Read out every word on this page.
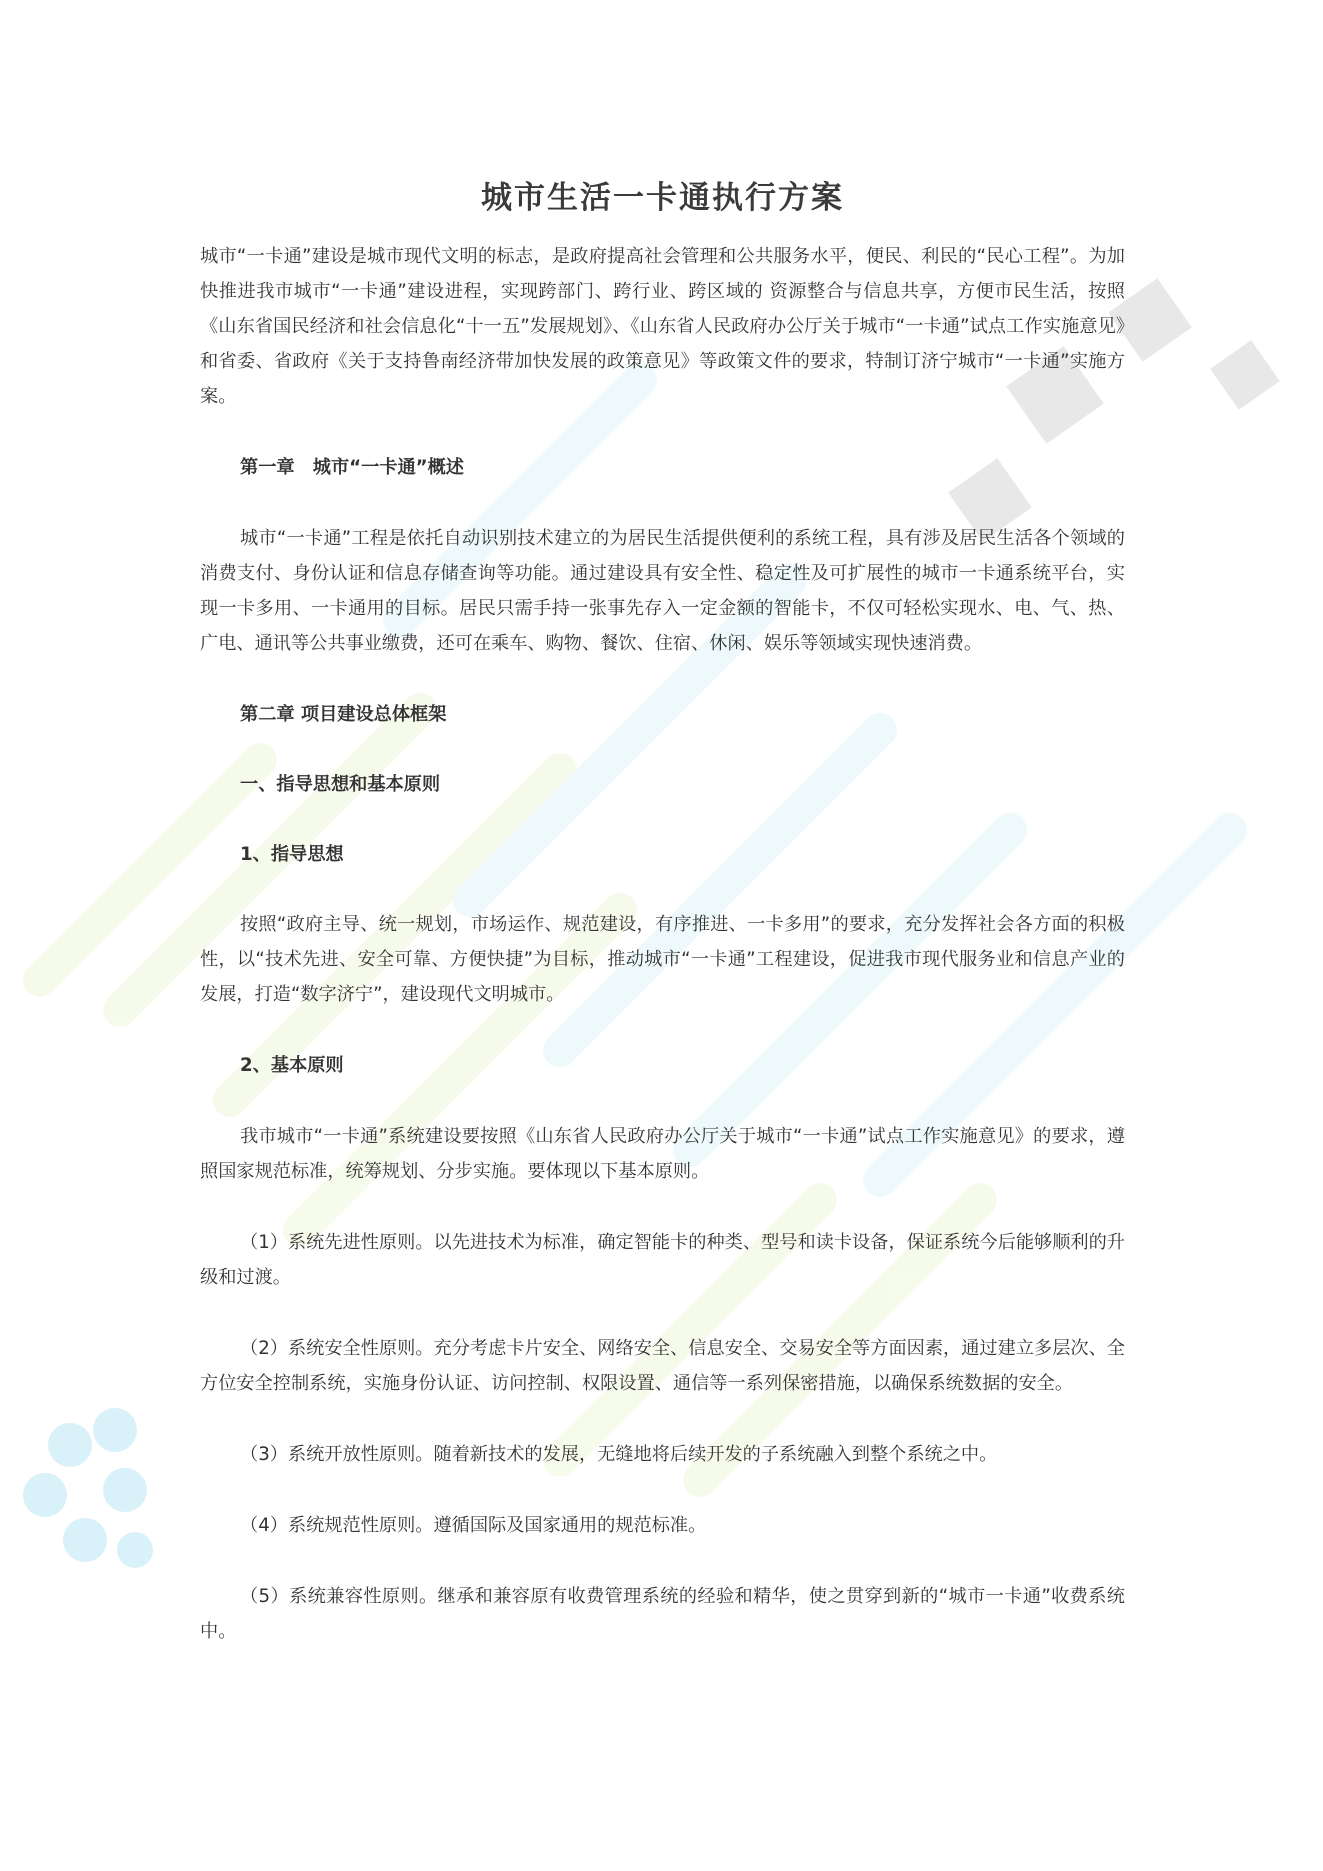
城市生活一卡通执行方案

城市“一卡通”建设是城市现代文明的标志，是政府提高社会管理和公共服务水平，便民、利民的“民心工程”。为加快推进我市城市“一卡通”建设进程，实现跨部门、跨行业、跨区域的 资源整合与信息共享，方便市民生活，按照《山东省国民经济和社会信息化“十一五”发展规划》、《山东省人民政府办公厅关于城市“一卡通”试点工作实施意见》和省委、省政府《关于支持鲁南经济带加快发展的政策意见》等政策文件的要求，特制订济宁城市“一卡通”实施方案。

第一章　城市“一卡通”概述

城市“一卡通”工程是依托自动识别技术建立的为居民生活提供便利的系统工程，具有涉及居民生活各个领域的消费支付、身份认证和信息存储查询等功能。通过建设具有安全性、稳定性及可扩展性的城市一卡通系统平台，实现一卡多用、一卡通用的目标。居民只需手持一张事先存入一定金额的智能卡，不仅可轻松实现水、电、气、热、广电、通讯等公共事业缴费，还可在乘车、购物、餐饮、住宿、休闲、娱乐等领域实现快速消费。

第二章 项目建设总体框架

一、指导思想和基本原则

1、指导思想

按照“政府主导、统一规划，市场运作、规范建设，有序推进、一卡多用”的要求，充分发挥社会各方面的积极性，以“技术先进、安全可靠、方便快捷”为目标，推动城市“一卡通”工程建设，促进我市现代服务业和信息产业的发展，打造“数字济宁”，建设现代文明城市。

2、基本原则

我市城市“一卡通”系统建设要按照《山东省人民政府办公厅关于城市“一卡通”试点工作实施意见》的要求，遵照国家规范标准，统筹规划、分步实施。要体现以下基本原则。

（1）系统先进性原则。以先进技术为标准，确定智能卡的种类、型号和读卡设备，保证系统今后能够顺利的升级和过渡。

（2）系统安全性原则。充分考虑卡片安全、网络安全、信息安全、交易安全等方面因素，通过建立多层次、全方位安全控制系统，实施身份认证、访问控制、权限设置、通信等一系列保密措施，以确保系统数据的安全。

（3）系统开放性原则。随着新技术的发展，无缝地将后续开发的子系统融入到整个系统之中。

（4）系统规范性原则。遵循国际及国家通用的规范标准。

（5）系统兼容性原则。继承和兼容原有收费管理系统的经验和精华，使之贯穿到新的“城市一卡通”收费系统中。
